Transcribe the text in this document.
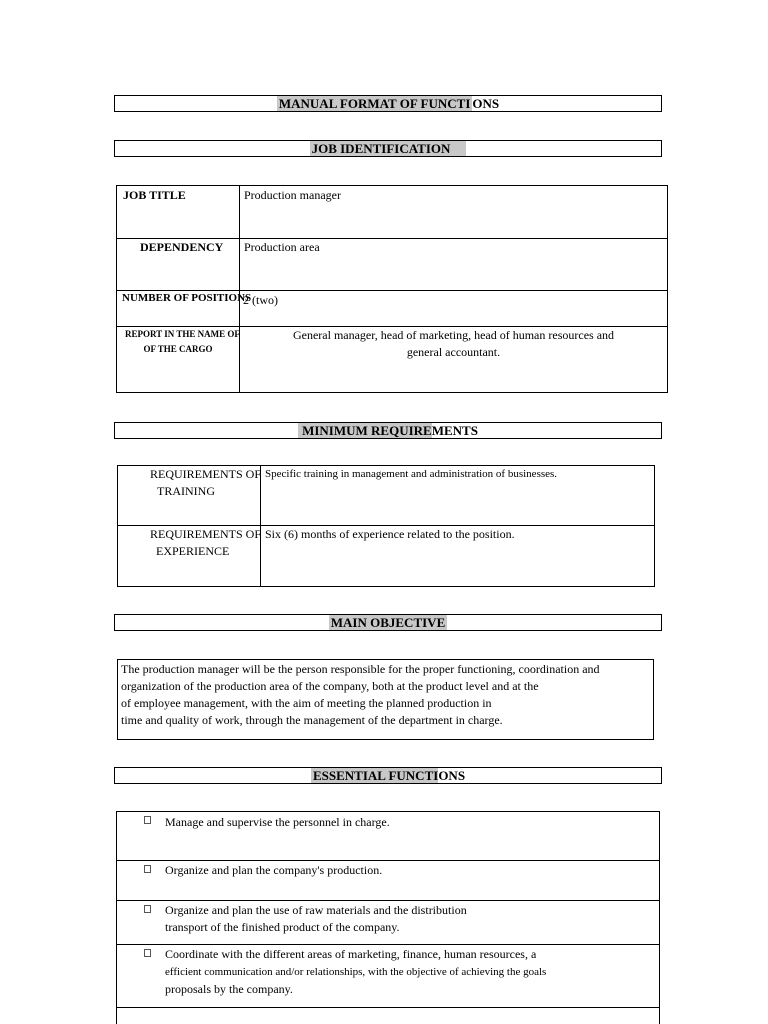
MANUAL FORMAT OF FUNCTI ONS
JOB IDENTIFICATION
JOB TITLE	Production manager
DEPENDENCY	Production area
NUMBER OF POSITIONS
2 (two)
REPORT IN THE NAME OF
OF THE CARGO
General manager, head of marketing, head of human resources and
general accountant.
MINIMUM REQUIREMENTS
REQUIREMENTS OF
TRAINING
Specific training in management and administration of businesses.
REQUIREMENTS OF
EXPERIENCE
Six (6) months of experience related to the position.
MAIN OBJECTIVE
The production manager will be the person responsible for the proper functioning, coordination and
organization of the production area of the company, both at the product level and at the
of employee management, with the aim of meeting the planned production in
time and quality of work, through the management of the department in charge.
ESSENTIAL FUNCTIONS
Manage and supervise the personnel in charge.
Organize and plan the company's production.
Organize and plan the use of raw materials and the distribution
transport of the finished product of the company.
Coordinate with the different areas of marketing, finance, human resources, a
efficient communication and/or relationships, with the objective of achieving the goals
proposals by the company.
